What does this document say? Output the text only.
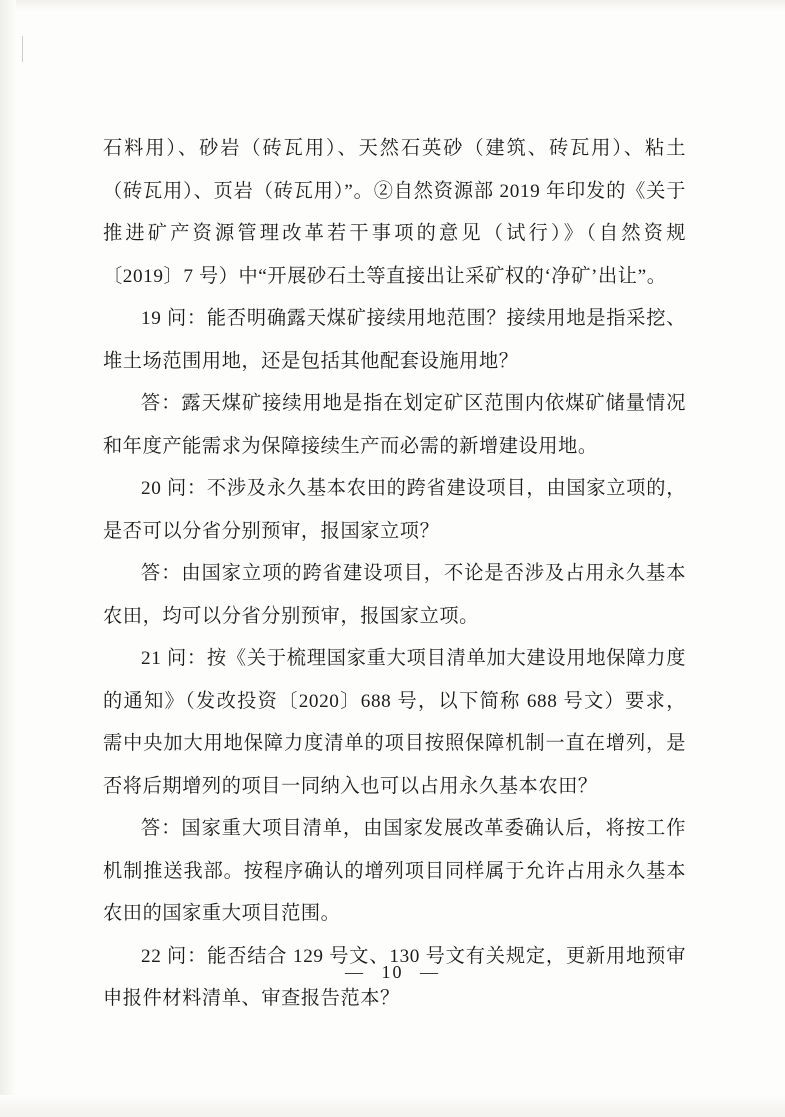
石料用）、砂岩（砖瓦用）、天然石英砂（建筑、砖瓦用）、粘土（砖瓦用）、页岩（砖瓦用）”。②自然资源部 2019 年印发的《关于推进矿产资源管理改革若干事项的意见（试行）》（自然资规〔2019〕7 号）中“开展砂石土等直接出让采矿权的‘净矿’出让”。

19 问：能否明确露天煤矿接续用地范围？接续用地是指采挖、堆土场范围用地，还是包括其他配套设施用地？

答：露天煤矿接续用地是指在划定矿区范围内依煤矿储量情况和年度产能需求为保障接续生产而必需的新增建设用地。

20 问：不涉及永久基本农田的跨省建设项目，由国家立项的，是否可以分省分别预审，报国家立项？

答：由国家立项的跨省建设项目，不论是否涉及占用永久基本农田，均可以分省分别预审，报国家立项。

21 问：按《关于梳理国家重大项目清单加大建设用地保障力度的通知》（发改投资〔2020〕688 号，以下简称 688 号文）要求，需中央加大用地保障力度清单的项目按照保障机制一直在增列，是否将后期增列的项目一同纳入也可以占用永久基本农田？

答：国家重大项目清单，由国家发展改革委确认后，将按工作机制推送我部。按程序确认的增列项目同样属于允许占用永久基本农田的国家重大项目范围。

22 问：能否结合 129 号文、130 号文有关规定，更新用地预审申报件材料清单、审查报告范本？

— 10 —
